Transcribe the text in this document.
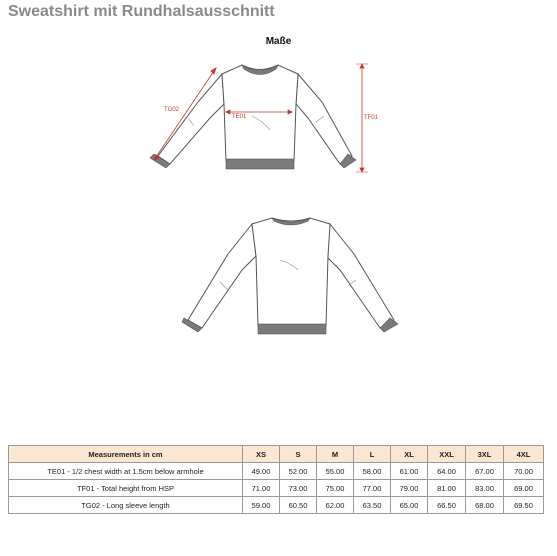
Sweatshirt mit Rundhalsausschnitt
Maße
TE01	TF01
TG02
Measurements in cm	XS	S	M	L	XL	XXL	3XL	4XL
TE01 - 1/2 chest width at 1.5cm below armhole	49.00	52.00	55.00	58.00	61.00	64.00	67.00	70.00
TF01 - Total height from HSP	71.00	73.00	75.00	77.00	79.00	81.00	83.00	69.00
TG02 - Long sleeve length	59.00	60.50	62.00	63.50	65.00	66.50	68.00	69.50
